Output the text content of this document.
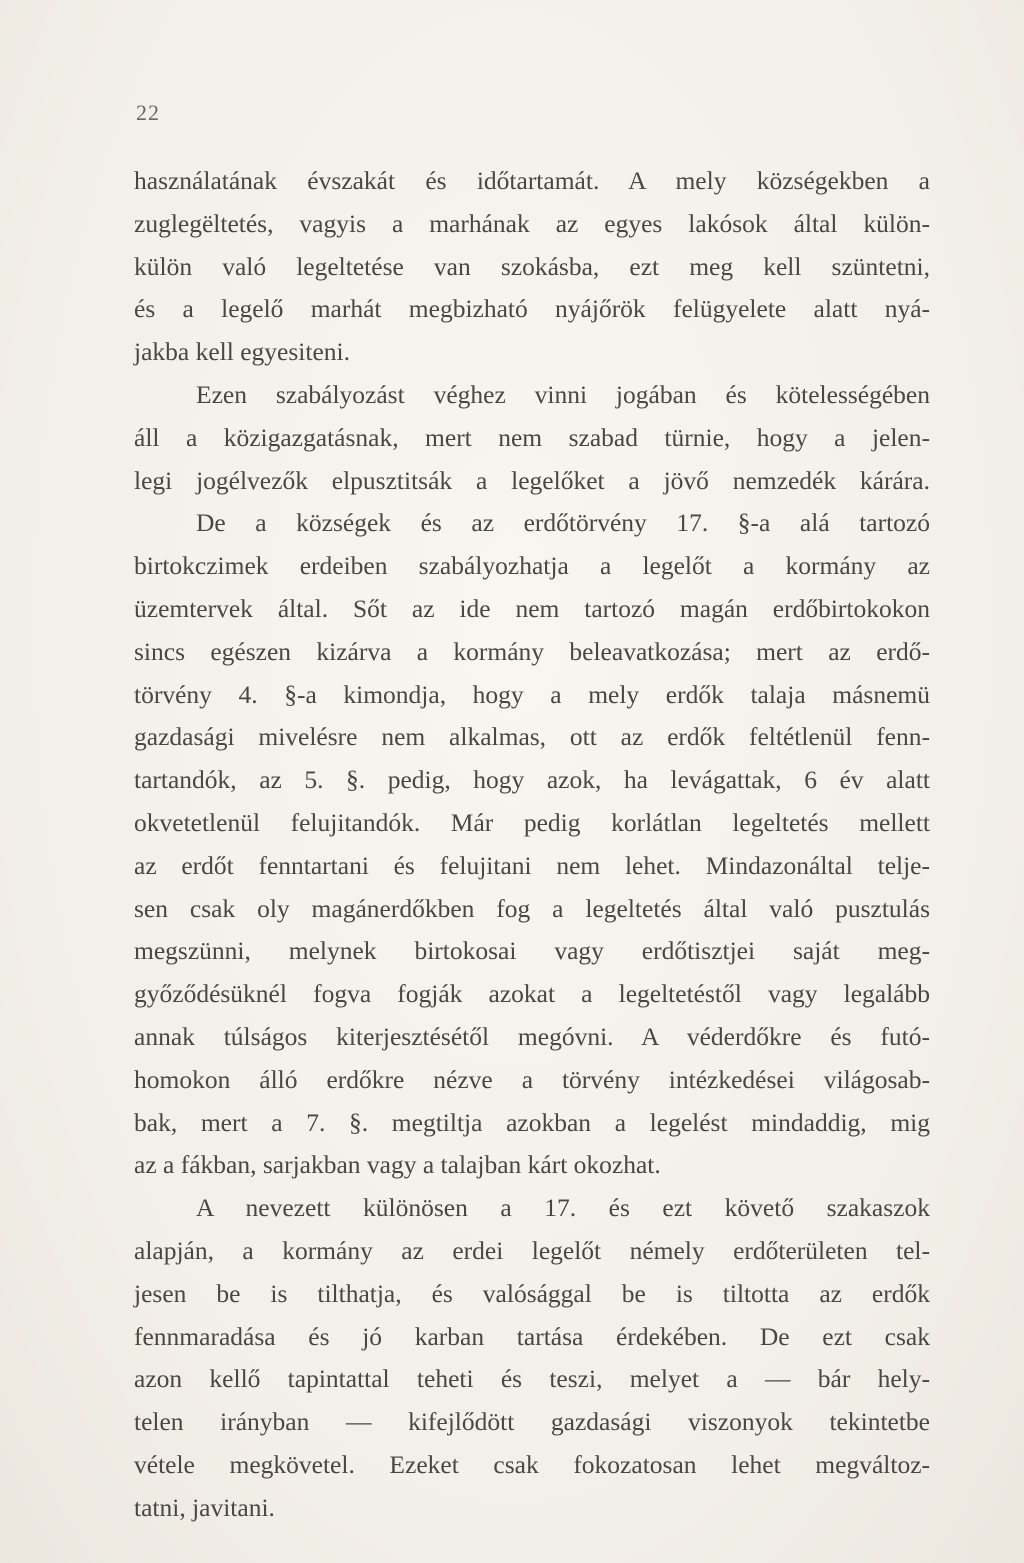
22
használatának évszakát és időtartamát. A mely községekben a
zuglegëltetés, vagyis a marhának az egyes lakósok által külön-
külön való legeltetése van szokásba, ezt meg kell szüntetni,
és a legelő marhát megbizható nyájőrök felügyelete alatt nyá-
jakba kell egyesiteni.
Ezen szabályozást véghez vinni jogában és kötelességében
áll a közigazgatásnak, mert nem szabad türnie, hogy a jelen-
legi jogélvezők elpusztitsák a legelőket a jövő nemzedék kárára.
De a községek és az erdőtörvény 17. §-a alá tartozó
birtokczimek erdeiben szabályozhatja a legelőt a kormány az
üzemtervek által. Sőt az ide nem tartozó magán erdőbirtokokon
sincs egészen kizárva a kormány beleavatkozása; mert az erdő-
törvény 4. §-a kimondja, hogy a mely erdők talaja másnemü
gazdasági mivelésre nem alkalmas, ott az erdők feltétlenül fenn-
tartandók, az 5. §. pedig, hogy azok, ha levágattak, 6 év alatt
okvetetlenül felujitandók. Már pedig korlátlan legeltetés mellett
az erdőt fenntartani és felujitani nem lehet. Mindazonáltal telje-
sen csak oly magánerdőkben fog a legeltetés által való pusztulás
megszünni, melynek birtokosai vagy erdőtisztjei saját meg-
győződésüknél fogva fogják azokat a legeltetéstől vagy legalább
annak túlságos kiterjesztésétől megóvni. A véderdőkre és futó-
homokon álló erdőkre nézve a törvény intézkedései világosab-
bak, mert a 7. §. megtiltja azokban a legelést mindaddig, mig
az a fákban, sarjakban vagy a talajban kárt okozhat.
A nevezett különösen a 17. és ezt követő szakaszok
alapján, a kormány az erdei legelőt némely erdőterületen tel-
jesen be is tilthatja, és valósággal be is tiltotta az erdők
fennmaradása és jó karban tartása érdekében. De ezt csak
azon kellő tapintattal teheti és teszi, melyet a — bár hely-
telen irányban — kifejlődött gazdasági viszonyok tekintetbe
vétele megkövetel. Ezeket csak fokozatosan lehet megváltoz-
tatni, javitani.
